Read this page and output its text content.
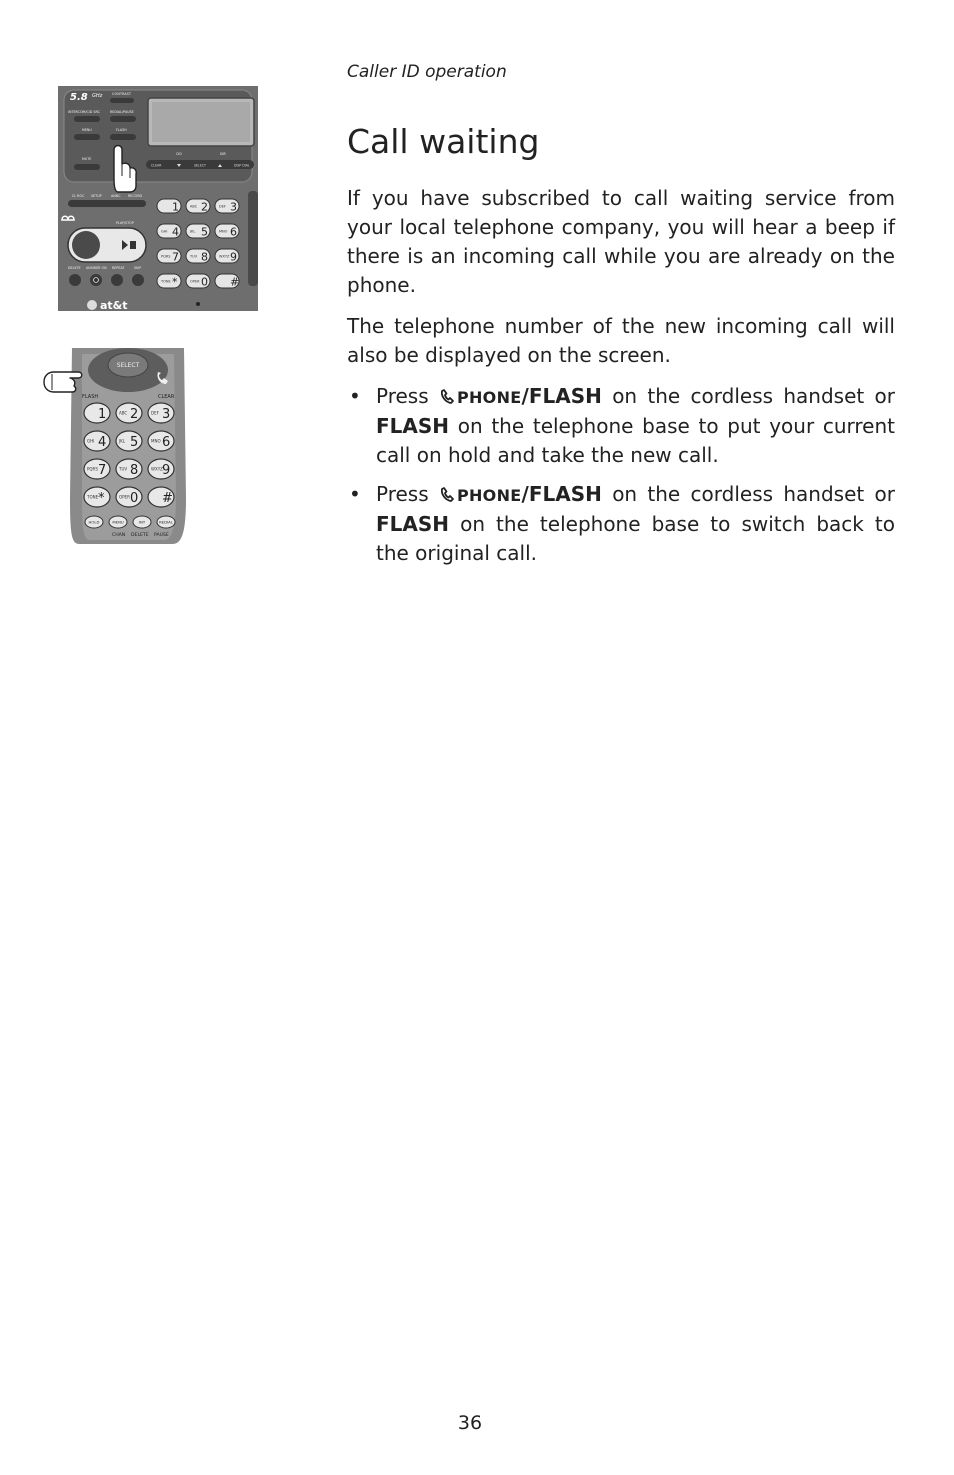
Caller ID operation
Call waiting

If you have subscribed to call waiting service from your local telephone company, you will hear a beep if there is an incoming call while you are already on the phone.

The telephone number of the new incoming call will also be displayed on the screen.

• Press PHONE/FLASH on the cordless handset or FLASH on the telephone base to put your current call on hold and take the new call.
• Press PHONE/FLASH on the cordless handset or FLASH on the telephone base to switch back to the original call.
5.8 GHz	CONTRAST
INTERCOM/CID SRC	REDIAL/PAUSE
MENU	FLASH
MUTE
CID	DIR
CLEAR	SELECT	DISP DIAL
CL ROC SETUP	ANNC RECORD
PLAY/STOP
DELETE ANSWER ON REPEAT	SKIP
1	ABC 2	DEF 3
GHI 4	JKL 5	MNO 6
PQRS 7	TUV 8	WXYZ 9
TONE *	OPER 0 #
at&t
SELECT
FLASH	CLEAR
1	ABC 2	DEF 3
GHI 4	JKL 5	MNO 6
PQRS 7	TUV 8	WXYZ 9
TONE *	OPER 0 #
HOLD	MENU	INT	REDIAL
CHAN DELETE PAUSE
36
